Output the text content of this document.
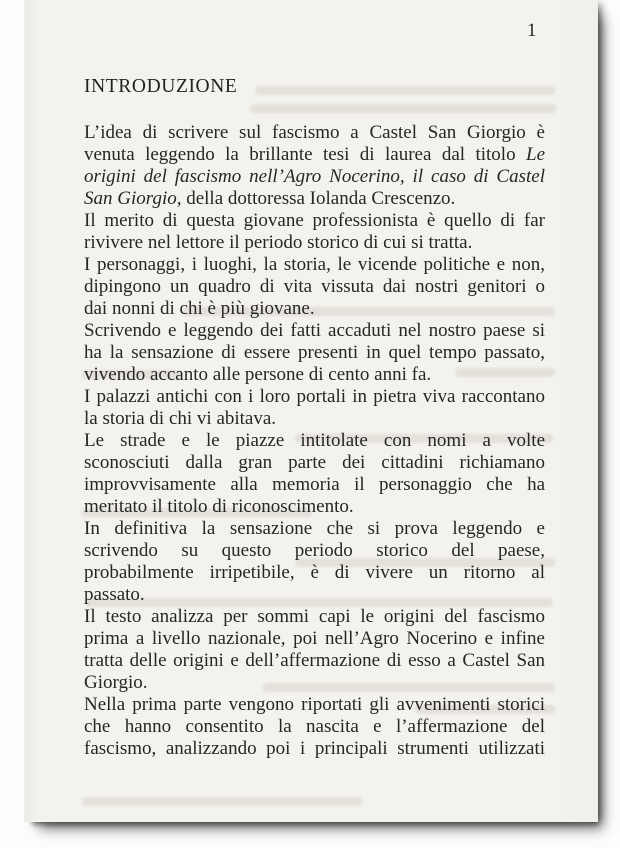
1
INTRODUZIONE
L’idea di scrivere sul fascismo a Castel San Giorgio è
venuta leggendo la brillante tesi di laurea dal titolo Le
origini del fascismo nell’Agro Nocerino, il caso di Castel
San Giorgio, della dottoressa Iolanda Crescenzo.
Il merito di questa giovane professionista è quello di far
rivivere nel lettore il periodo storico di cui si tratta.
I personaggi, i luoghi, la storia, le vicende politiche e non,
dipingono un quadro di vita vissuta dai nostri genitori o
dai nonni di chi è più giovane.
Scrivendo e leggendo dei fatti accaduti nel nostro paese si
ha la sensazione di essere presenti in quel tempo passato,
vivendo accanto alle persone di cento anni fa.
I palazzi antichi con i loro portali in pietra viva raccontano
la storia di chi vi abitava.
Le strade e le piazze intitolate con nomi a volte
sconosciuti dalla gran parte dei cittadini richiamano
improvvisamente alla memoria il personaggio che ha
meritato il titolo di riconoscimento.
In definitiva la sensazione che si prova leggendo e
scrivendo su questo periodo storico del paese,
probabilmente irripetibile, è di vivere un ritorno al
passato.
Il testo analizza per sommi capi le origini del fascismo
prima a livello nazionale, poi nell’Agro Nocerino e infine
tratta delle origini e dell’affermazione di esso a Castel San
Giorgio.
Nella prima parte vengono riportati gli avvenimenti storici
che hanno consentito la nascita e l’affermazione del
fascismo, analizzando poi i principali strumenti utilizzati
